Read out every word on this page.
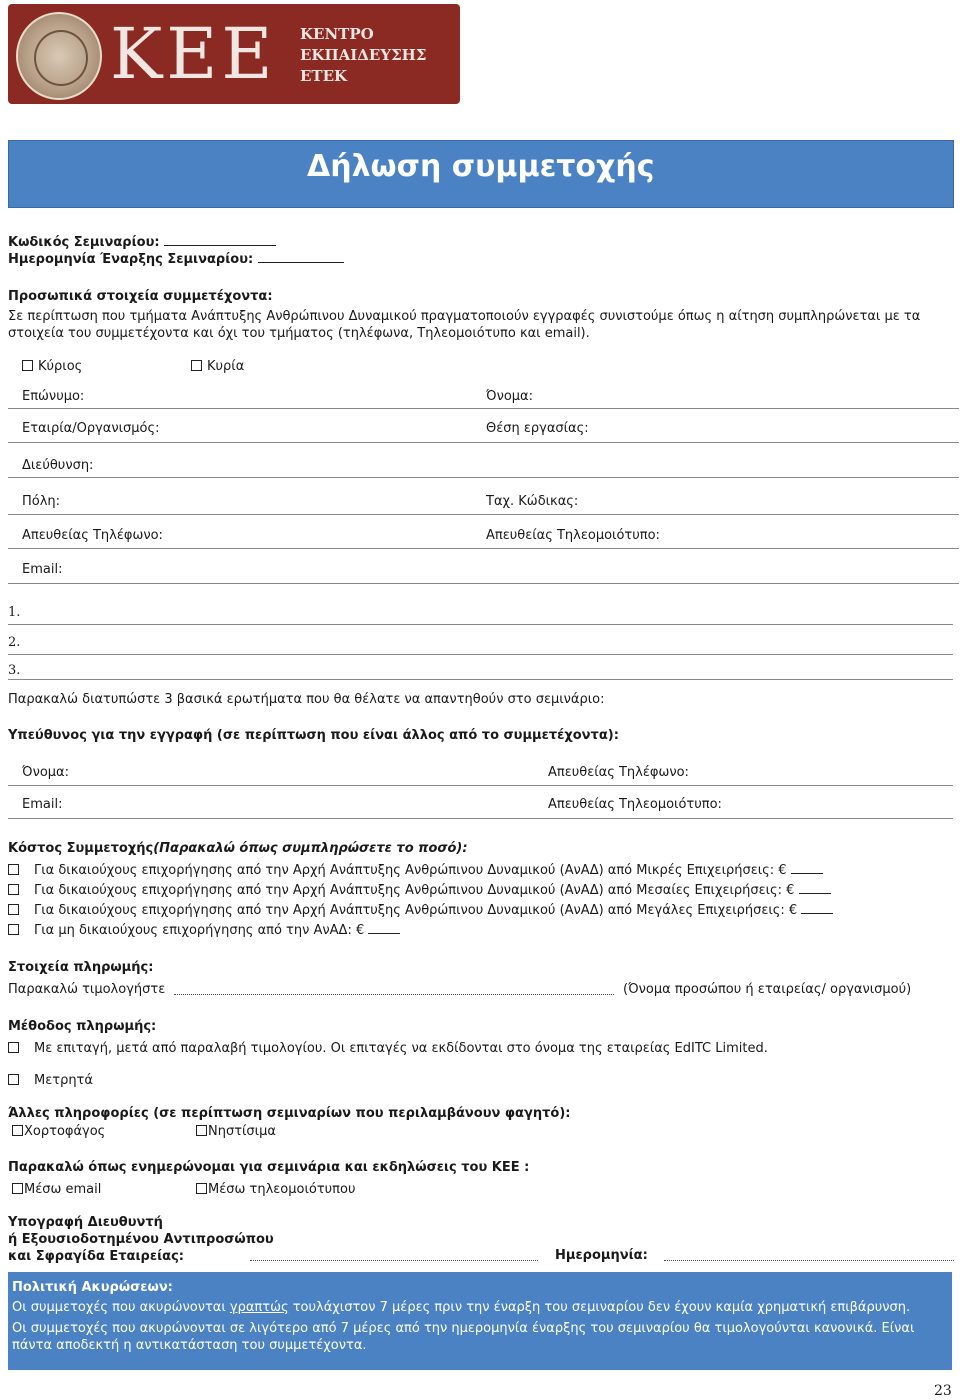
KEE ΚΕΝΤΡΟ
ΕΚΠΑΙΔΕΥΣΗΣ
ΕΤΕΚ
Δήλωση συμμετοχής
Κωδικός Σεμιναρίου:
Ημερομηνία Έναρξης Σεμιναρίου:
Προσωπικά στοιχεία συμμετέχοντα:
Σε περίπτωση που τμήματα Ανάπτυξης Ανθρώπινου Δυναμικού πραγματοποιούν εγγραφές συνιστούμε όπως η αίτηση συμπληρώνεται με τα στοιχεία του συμμετέχοντα και όχι του τμήματος (τηλέφωνα, Τηλεομοιότυπο και email).
Κύριος	Κυρία
Επώνυμο:	Όνομα:
Εταιρία/Οργανισμός:	Θέση εργασίας:
Διεύθυνση:
Πόλη:	Ταχ. Κώδικας:
Απευθείας Τηλέφωνο:	Απευθείας Τηλεομοιότυπο:
Email:
1.
2.
3.
Παρακαλώ διατυπώστε 3 βασικά ερωτήματα που θα θέλατε να απαντηθούν στο σεμινάριο:
Υπεύθυνος για την εγγραφή (σε περίπτωση που είναι άλλος από το συμμετέχοντα):
Όνομα:	Απευθείας Τηλέφωνο:
Email:	Απευθείας Τηλεομοιότυπο:
Κόστος Συμμετοχής(Παρακαλώ όπως συμπληρώσετε το ποσό):
Για δικαιούχους επιχορήγησης από την Αρχή Ανάπτυξης Ανθρώπινου Δυναμικού (ΑνΑΔ) από Μικρές Επιχειρήσεις: €
Για δικαιούχους επιχορήγησης από την Αρχή Ανάπτυξης Ανθρώπινου Δυναμικού (ΑνΑΔ) από Μεσαίες Επιχειρήσεις: €
Για δικαιούχους επιχορήγησης από την Αρχή Ανάπτυξης Ανθρώπινου Δυναμικού (ΑνΑΔ) από Μεγάλες Επιχειρήσεις: €
Για μη δικαιούχους επιχορήγησης από την ΑνΑΔ: €
Στοιχεία πληρωμής:
Παρακαλώ τιμολογήστε	(Όνομα προσώπου ή εταιρείας/ οργανισμού)
Μέθοδος πληρωμής:
Με επιταγή, μετά από παραλαβή τιμολογίου. Οι επιταγές να εκδίδονται στο όνομα της εταιρείας EdITC Limited.
Μετρητά
Άλλες πληροφορίες (σε περίπτωση σεμιναρίων που περιλαμβάνουν φαγητό):
Χορτοφάγος	Νηστίσιμα
Παρακαλώ όπως ενημερώνομαι για σεμινάρια και εκδηλώσεις του ΚΕΕ :
Μέσω email	Μέσω τηλεομοιότυπου
Υπογραφή Διευθυντή
ή Εξουσιοδοτημένου Αντιπροσώπου
και Σφραγίδα Εταιρείας:	Ημερομηνία:
Πολιτική Ακυρώσεων:
Οι συμμετοχές που ακυρώνονται γραπτώς τουλάχιστον 7 μέρες πριν την έναρξη του σεμιναρίου δεν έχουν καμία χρηματική επιβάρυνση.
Οι συμμετοχές που ακυρώνονται σε λιγότερο από 7 μέρες από την ημερομηνία έναρξης του σεμιναρίου θα τιμολογούνται κανονικά. Είναι πάντα αποδεκτή η αντικατάσταση του συμμετέχοντα.
23
